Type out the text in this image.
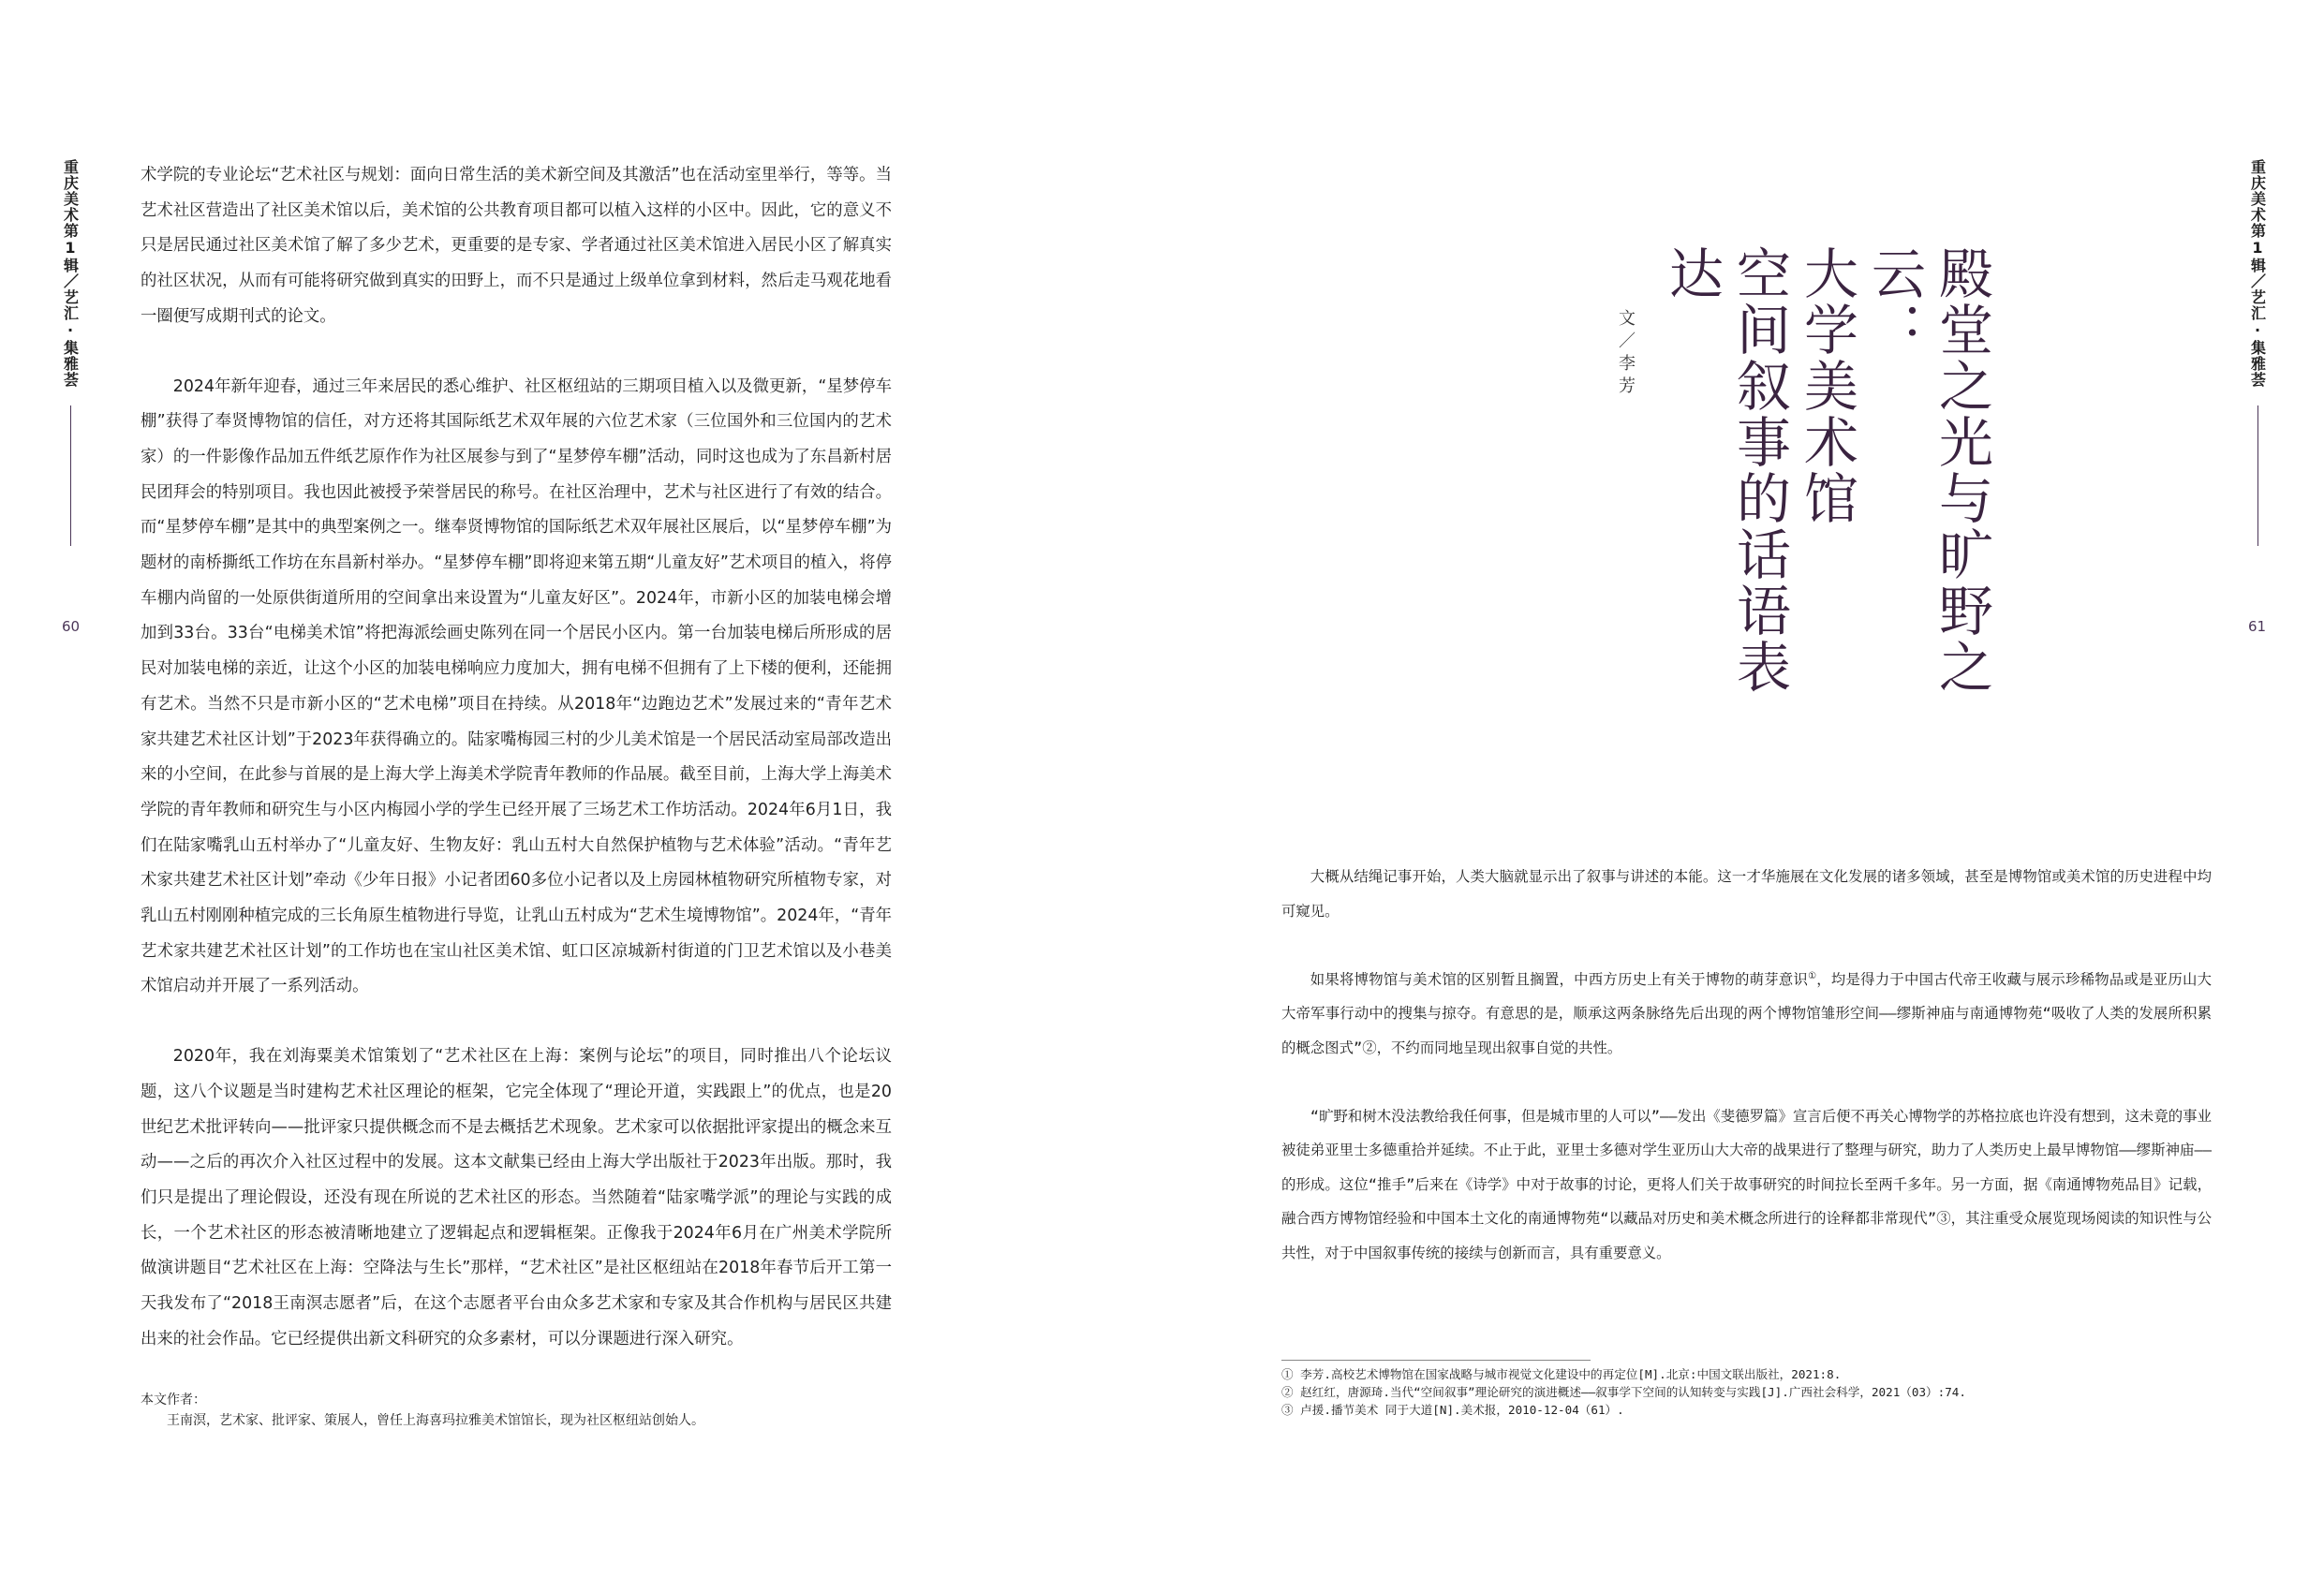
重庆美术第1辑／艺汇·集雅荟
60
重庆美术第1辑／艺汇·集雅荟
61

术学院的专业论坛“艺术社区与规划：面向日常生活的美术新空间及其激活”也在活动室里举行，等等。当艺术社区营造出了社区美术馆以后，美术馆的公共教育项目都可以植入这样的小区中。因此，它的意义不只是居民通过社区美术馆了解了多少艺术，更重要的是专家、学者通过社区美术馆进入居民小区了解真实的社区状况，从而有可能将研究做到真实的田野上，而不只是通过上级单位拿到材料，然后走马观花地看一圈便写成期刊式的论文。

2024年新年迎春，通过三年来居民的悉心维护、社区枢纽站的三期项目植入以及微更新，“星梦停车棚”获得了奉贤博物馆的信任，对方还将其国际纸艺术双年展的六位艺术家（三位国外和三位国内的艺术家）的一件影像作品加五件纸艺原作作为社区展参与到了“星梦停车棚”活动，同时这也成为了东昌新村居民团拜会的特别项目。我也因此被授予荣誉居民的称号。在社区治理中，艺术与社区进行了有效的结合。而“星梦停车棚”是其中的典型案例之一。继奉贤博物馆的国际纸艺术双年展社区展后，以“星梦停车棚”为题材的南桥撕纸工作坊在东昌新村举办。“星梦停车棚”即将迎来第五期“儿童友好”艺术项目的植入，将停车棚内尚留的一处原供街道所用的空间拿出来设置为“儿童友好区”。2024年，市新小区的加装电梯会增加到33台。33台“电梯美术馆”将把海派绘画史陈列在同一个居民小区内。第一台加装电梯后所形成的居民对加装电梯的亲近，让这个小区的加装电梯响应力度加大，拥有电梯不但拥有了上下楼的便利，还能拥有艺术。当然不只是市新小区的“艺术电梯”项目在持续。从2018年“边跑边艺术”发展过来的“青年艺术家共建艺术社区计划”于2023年获得确立的。陆家嘴梅园三村的少儿美术馆是一个居民活动室局部改造出来的小空间，在此参与首展的是上海大学上海美术学院青年教师的作品展。截至目前，上海大学上海美术学院的青年教师和研究生与小区内梅园小学的学生已经开展了三场艺术工作坊活动。2024年6月1日，我们在陆家嘴乳山五村举办了“儿童友好、生物友好：乳山五村大自然保护植物与艺术体验”活动。“青年艺术家共建艺术社区计划”牵动《少年日报》小记者团60多位小记者以及上房园林植物研究所植物专家，对乳山五村刚刚种植完成的三长角原生植物进行导览，让乳山五村成为“艺术生境博物馆”。2024年，“青年艺术家共建艺术社区计划”的工作坊也在宝山社区美术馆、虹口区凉城新村街道的门卫艺术馆以及小巷美术馆启动并开展了一系列活动。

2020年，我在刘海粟美术馆策划了“艺术社区在上海：案例与论坛”的项目，同时推出八个论坛议题，这八个议题是当时建构艺术社区理论的框架，它完全体现了“理论开道，实践跟上”的优点，也是20世纪艺术批评转向——批评家只提供概念而不是去概括艺术现象。艺术家可以依据批评家提出的概念来互动——之后的再次介入社区过程中的发展。这本文献集已经由上海大学出版社于2023年出版。那时，我们只是提出了理论假设，还没有现在所说的艺术社区的形态。当然随着“陆家嘴学派”的理论与实践的成长，一个艺术社区的形态被清晰地建立了逻辑起点和逻辑框架。正像我于2024年6月在广州美术学院所做演讲题目“艺术社区在上海：空降法与生长”那样，“艺术社区”是社区枢纽站在2018年春节后开工第一天我发布了“2018王南溟志愿者”后，在这个志愿者平台由众多艺术家和专家及其合作机构与居民区共建出来的社会作品。它已经提供出新文科研究的众多素材，可以分课题进行深入研究。

本文作者：
王南溟，艺术家、批评家、策展人，曾任上海喜玛拉雅美术馆馆长，现为社区枢纽站创始人。
殿堂之光与旷野之云：
大学美术馆
空间叙事的话语表达
文／李芳

大概从结绳记事开始，人类大脑就显示出了叙事与讲述的本能。这一才华施展在文化发展的诸多领域，甚至是博物馆或美术馆的历史进程中均可窥见。

如果将博物馆与美术馆的区别暂且搁置，中西方历史上有关于博物的萌芽意识①，均是得力于中国古代帝王收藏与展示珍稀物品或是亚历山大大帝军事行动中的搜集与掠夺。有意思的是，顺承这两条脉络先后出现的两个博物馆雏形空间——缪斯神庙与南通博物苑“吸收了人类的发展所积累的概念图式”②，不约而同地呈现出叙事自觉的共性。

“旷野和树木没法教给我任何事，但是城市里的人可以”——发出《斐德罗篇》宣言后便不再关心博物学的苏格拉底也许没有想到，这未竟的事业被徒弟亚里士多德重拾并延续。不止于此，亚里士多德对学生亚历山大大帝的战果进行了整理与研究，助力了人类历史上最早博物馆——缪斯神庙——的形成。这位“推手”后来在《诗学》中对于故事的讨论，更将人们关于故事研究的时间拉长至两千多年。另一方面，据《南通博物苑品目》记载，融合西方博物馆经验和中国本土文化的南通博物苑“以藏品对历史和美术概念所进行的诠释都非常现代”③，其注重受众展览现场阅读的知识性与公共性，对于中国叙事传统的接续与创新而言，具有重要意义。

① 李芳.高校艺术博物馆在国家战略与城市视觉文化建设中的再定位[M].北京:中国文联出版社，2021:8.
② 赵红红，唐源琦.当代“空间叙事”理论研究的演进概述——叙事学下空间的认知转变与实践[J].广西社会科学，2021（03）:74.
③ 卢援.播节美术 同于大道[N].美术报，2010-12-04（61）.
